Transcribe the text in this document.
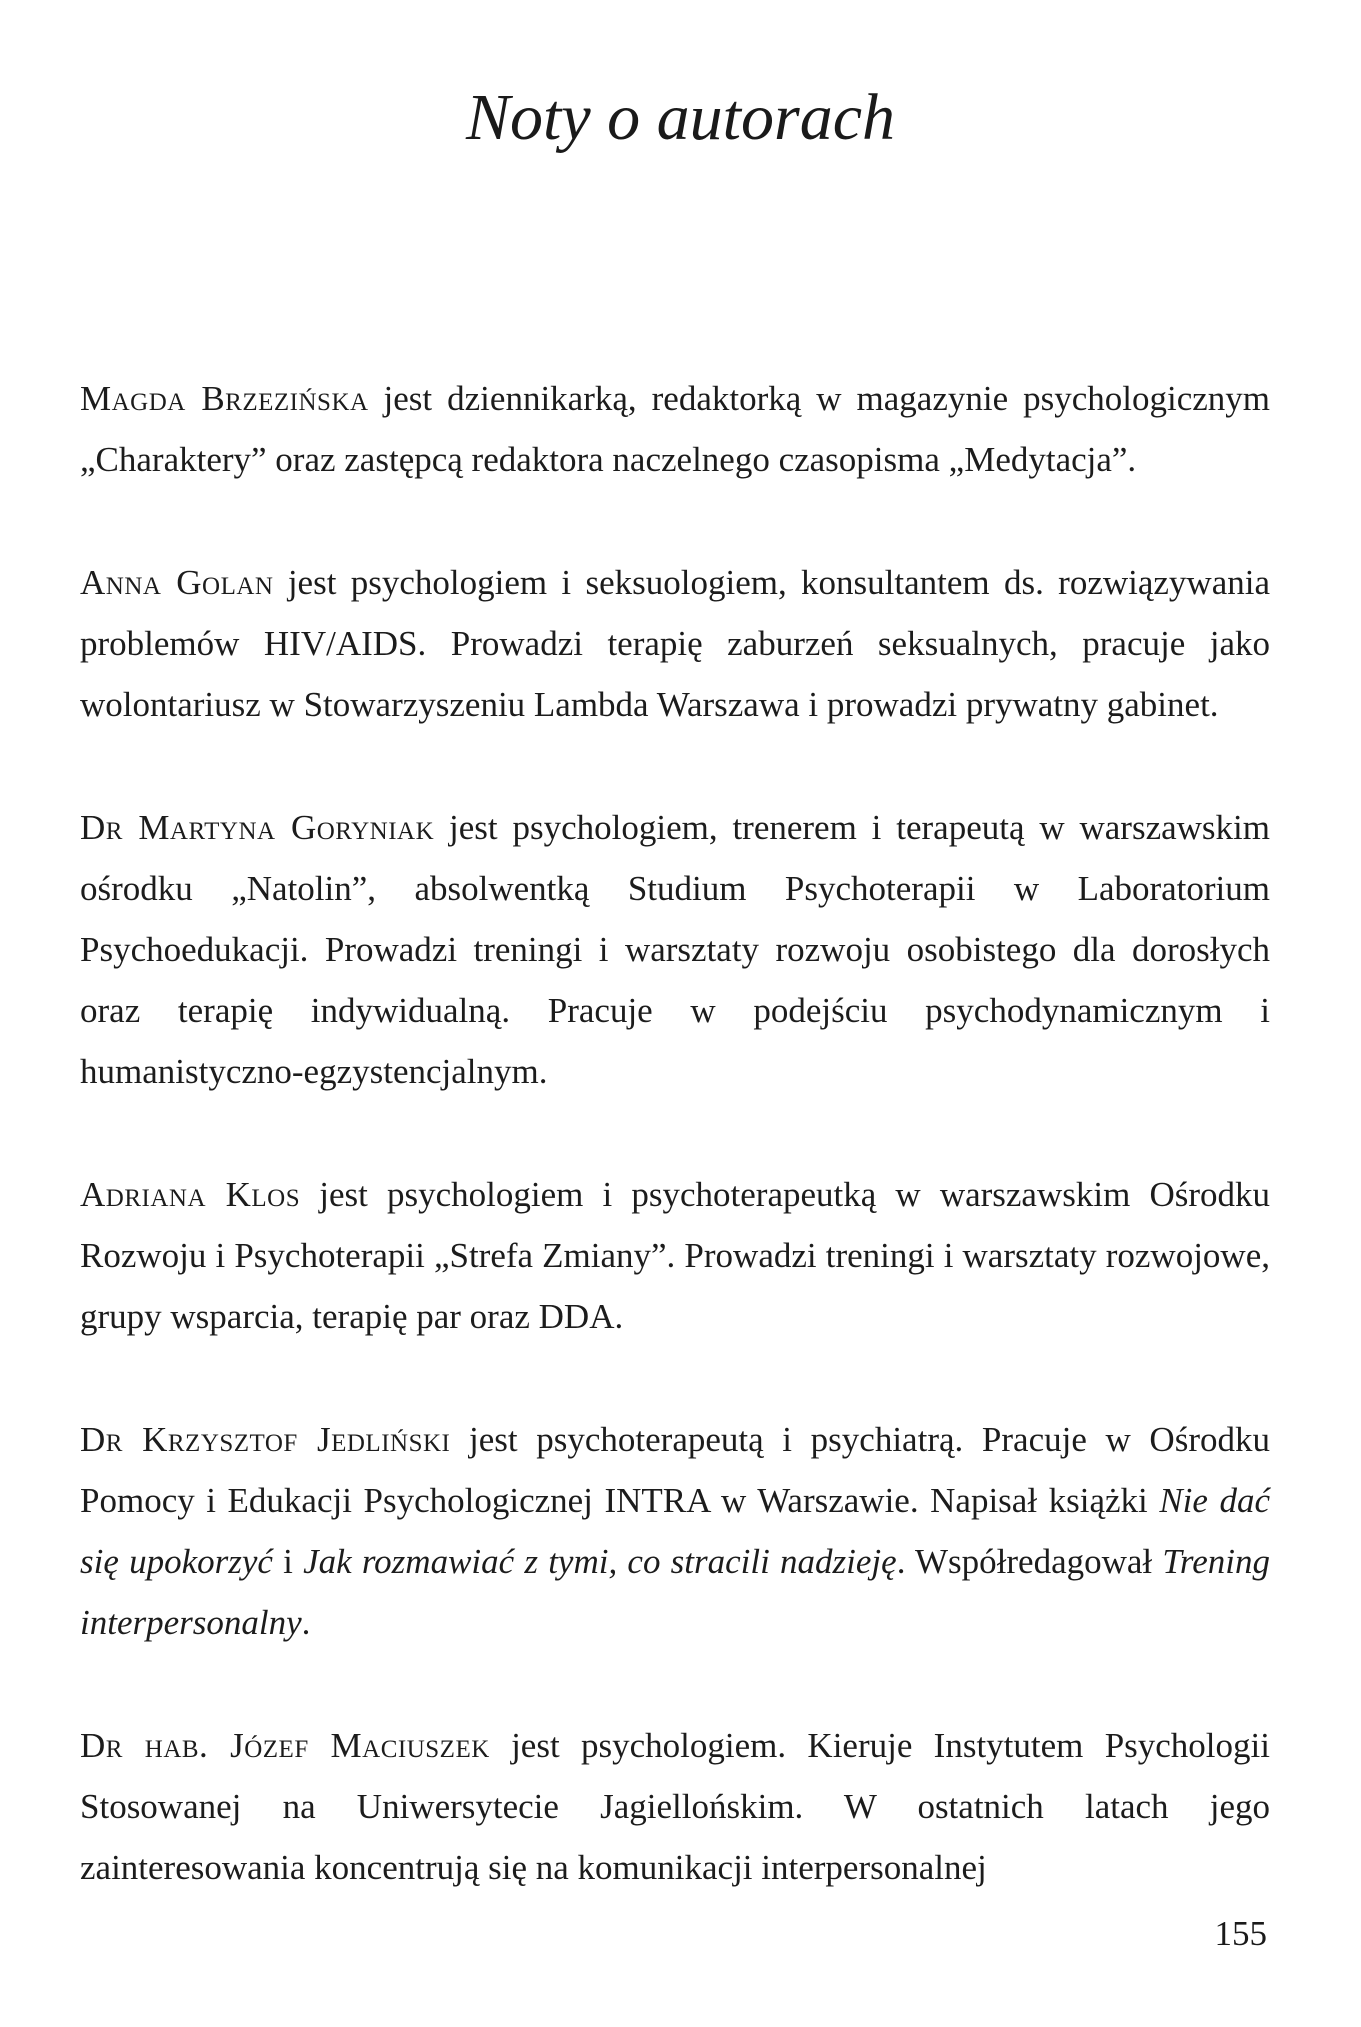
Noty o autorach

Magda Brzezińska jest dziennikarką, redaktorką w magazynie psychologicznym „Charaktery” oraz zastępcą redaktora naczelnego czasopisma „Medytacja”.

Anna Golan jest psychologiem i seksuologiem, konsultantem ds. rozwiązywania problemów HIV/AIDS. Prowadzi terapię zaburzeń seksualnych, pracuje jako wolontariusz w Stowarzyszeniu Lambda Warszawa i prowadzi prywatny gabinet.

Dr Martyna Goryniak jest psychologiem, trenerem i terapeutą w warszawskim ośrodku „Natolin”, absolwentką Studium Psychoterapii w Laboratorium Psychoedukacji. Prowadzi treningi i warsztaty rozwoju osobistego dla dorosłych oraz terapię indywidualną. Pracuje w podejściu psychodynamicznym i humanistyczno-egzystencjalnym.

Adriana Klos jest psychologiem i psychoterapeutką w warszawskim Ośrodku Rozwoju i Psychoterapii „Strefa Zmiany”. Prowadzi treningi i warsztaty rozwojowe, grupy wsparcia, terapię par oraz DDA.

Dr Krzysztof Jedliński jest psychoterapeutą i psychiatrą. Pracuje w Ośrodku Pomocy i Edukacji Psychologicznej INTRA w Warszawie. Napisał książki Nie dać się upokorzyć i Jak rozmawiać z tymi, co stracili nadzieję. Współredagował Trening interpersonalny.

Dr hab. Józef Maciuszek jest psychologiem. Kieruje Instytutem Psychologii Stosowanej na Uniwersytecie Jagiellońskim. W ostatnich latach jego zainteresowania koncentrują się na komunikacji interpersonalnej

155
